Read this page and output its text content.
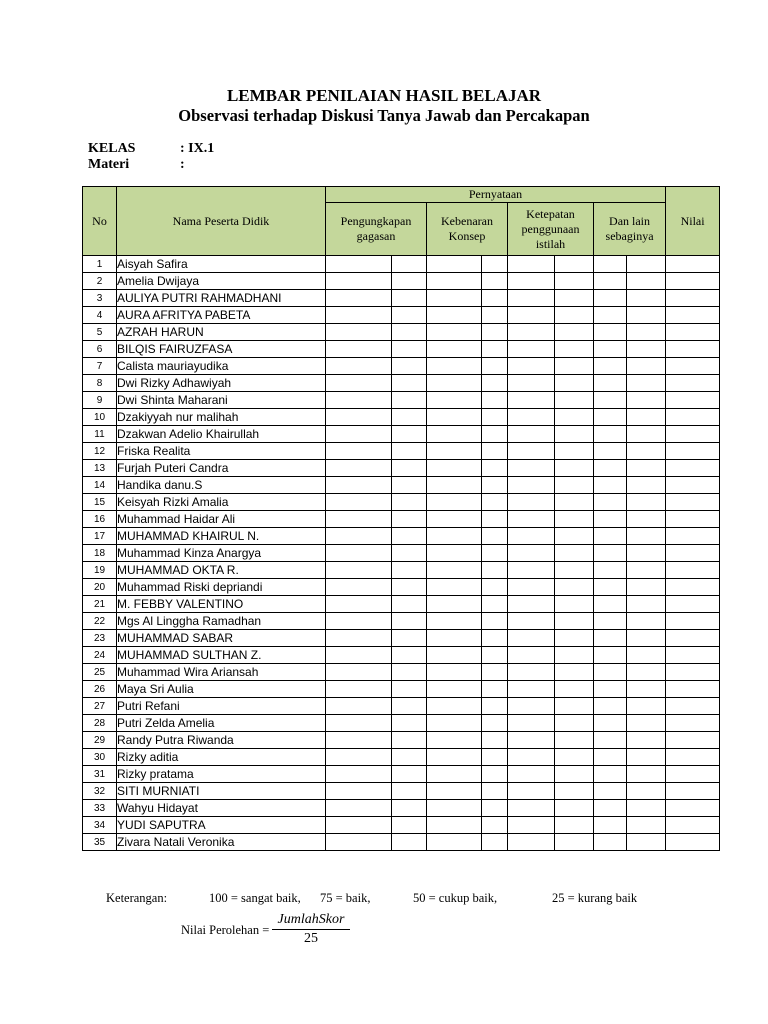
LEMBAR PENILAIAN HASIL BELAJAR
Observasi terhadap Diskusi Tanya Jawab dan Percakapan
KELAS	: IX.1
Materi	:
No	Nama Peserta Didik	Pernyataan								Nilai
		Pengungkapan gagasan		Kebenaran Konsep		Ketepatan penggunaan istilah		Dan lain sebaginya		
1	Aisyah Safira									
2	Amelia Dwijaya									
3	AULIYA PUTRI RAHMADHANI									
4	AURA AFRITYA PABETA									
5	AZRAH HARUN									
6	BILQIS FAIRUZFASA									
7	Calista mauriayudika									
8	Dwi Rizky Adhawiyah									
9	Dwi Shinta Maharani									
10	Dzakiyyah nur malihah									
11	Dzakwan Adelio Khairullah									
12	Friska Realita									
13	Furjah Puteri Candra									
14	Handika danu.S									
15	Keisyah Rizki Amalia									
16	Muhammad Haidar Ali									
17	MUHAMMAD KHAIRUL N.									
18	Muhammad Kinza Anargya									
19	MUHAMMAD OKTA R.									
20	Muhammad Riski depriandi									
21	M. FEBBY VALENTINO									
22	Mgs Al Linggha Ramadhan									
23	MUHAMMAD SABAR									
24	MUHAMMAD SULTHAN Z.									
25	Muhammad Wira Ariansah									
26	Maya Sri Aulia									
27	Putri Refani									
28	Putri Zelda Amelia									
29	Randy Putra Riwanda									
30	Rizky aditia									
31	Rizky pratama									
32	SITI MURNIATI									
33	Wahyu Hidayat									
34	YUDI SAPUTRA									
35	Zivara Natali Veronika									
Keterangan:	100 = sangat baik, 75 = baik,	50 = cukup baik,	25 = kurang baik
Nilai Perolehan =
JumlahSkor
25
